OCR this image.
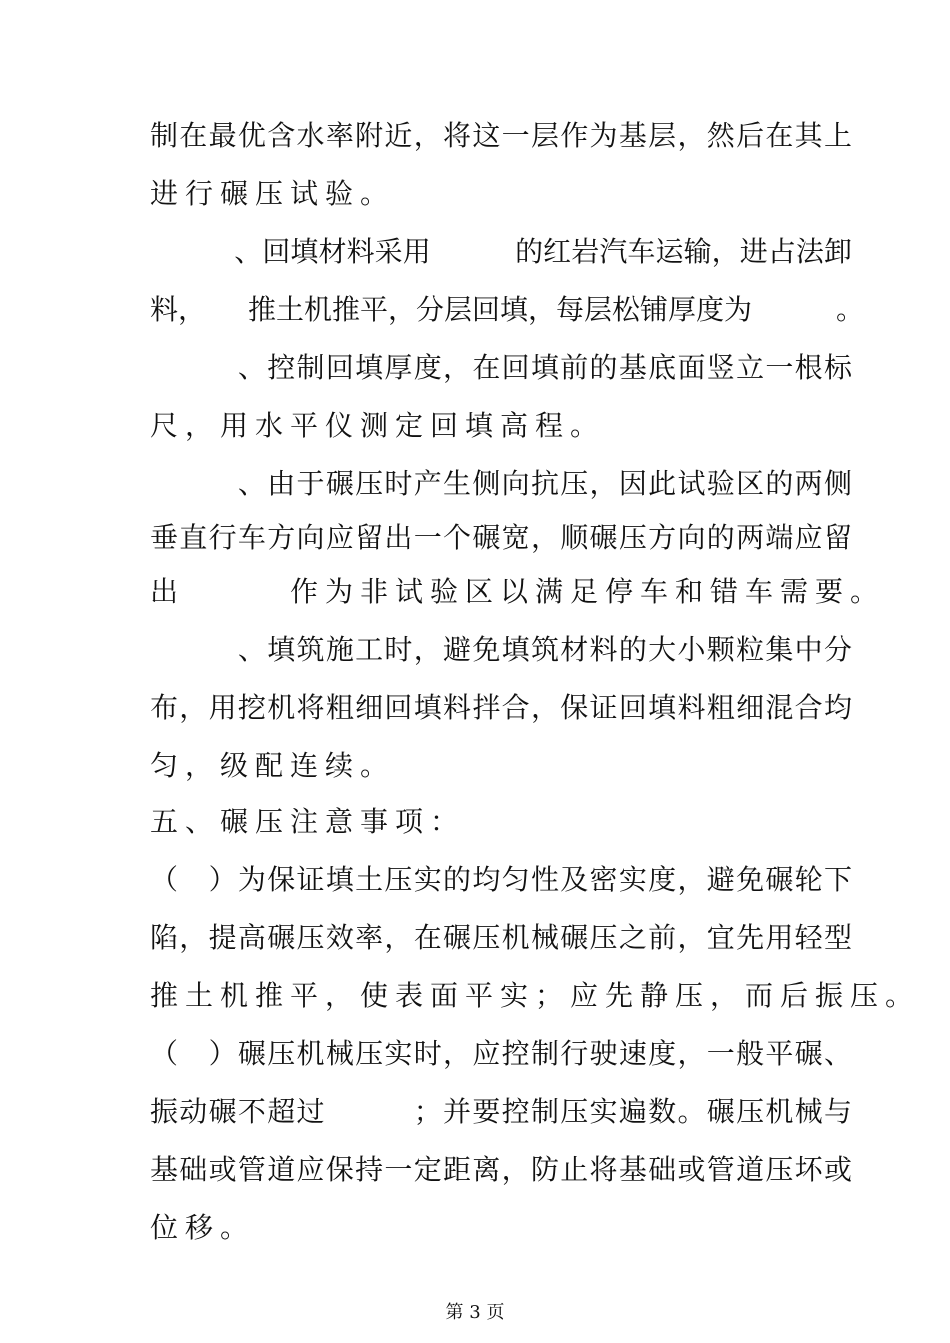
制在最优含水率附近，将这一层作为基层，然后在其上
进行碾压试验。
　　　、回填材料采用　　　的红岩汽车运输，进占法卸
料，　　推土机推平，分层回填，每层松铺厚度为　　　。
　　　、控制回填厚度，在回填前的基底面竖立一根标
尺，用水平仪测定回填高程。
　　　、由于碾压时产生侧向抗压，因此试验区的两侧
垂直行车方向应留出一个碾宽，顺碾压方向的两端应留
出　　　作为非试验区以满足停车和错车需要。
　　　、填筑施工时，避免填筑材料的大小颗粒集中分
布，用挖机将粗细回填料拌合，保证回填料粗细混合均
匀，级配连续。
五、碾压注意事项：
（　）为保证填土压实的均匀性及密实度，避免碾轮下
陷，提高碾压效率，在碾压机械碾压之前，宜先用轻型
推土机推平，使表面平实；应先静压，而后振压。
（　）碾压机械压实时，应控制行驶速度，一般平碾、
振动碾不超过　　　；并要控制压实遍数。碾压机械与
基础或管道应保持一定距离，防止将基础或管道压坏或
位移。
第 3 页
